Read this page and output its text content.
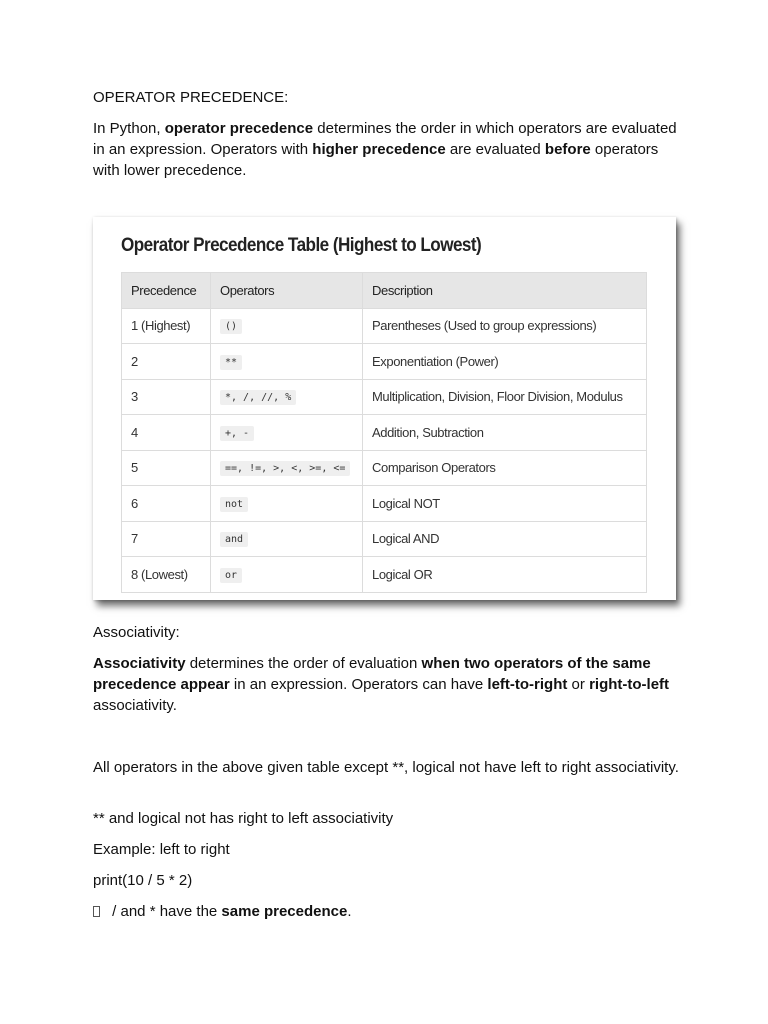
OPERATOR PRECEDENCE:

In Python, operator precedence determines the order in which operators are evaluated in an expression. Operators with higher precedence are evaluated before operators with lower precedence.

Operator Precedence Table (Highest to Lowest)
Precedence	Operators	Description
1 (Highest)	()	Parentheses (Used to group expressions)
2	**	Exponentiation (Power)
3	*, /, //, %	Multiplication, Division, Floor Division, Modulus
4	+, -	Addition, Subtraction
5	==, !=, >, <, >=, <=	Comparison Operators
6	not	Logical NOT
7	and	Logical AND
8 (Lowest)	or	Logical OR

Associativity:

Associativity determines the order of evaluation when two operators of the same precedence appear in an expression. Operators can have left-to-right or right-to-left associativity.

All operators in the above given table except **, logical not have left to right associativity.

** and logical not has right to left associativity

Example: left to right

print(10 / 5 * 2)

/ and * have the same precedence.
